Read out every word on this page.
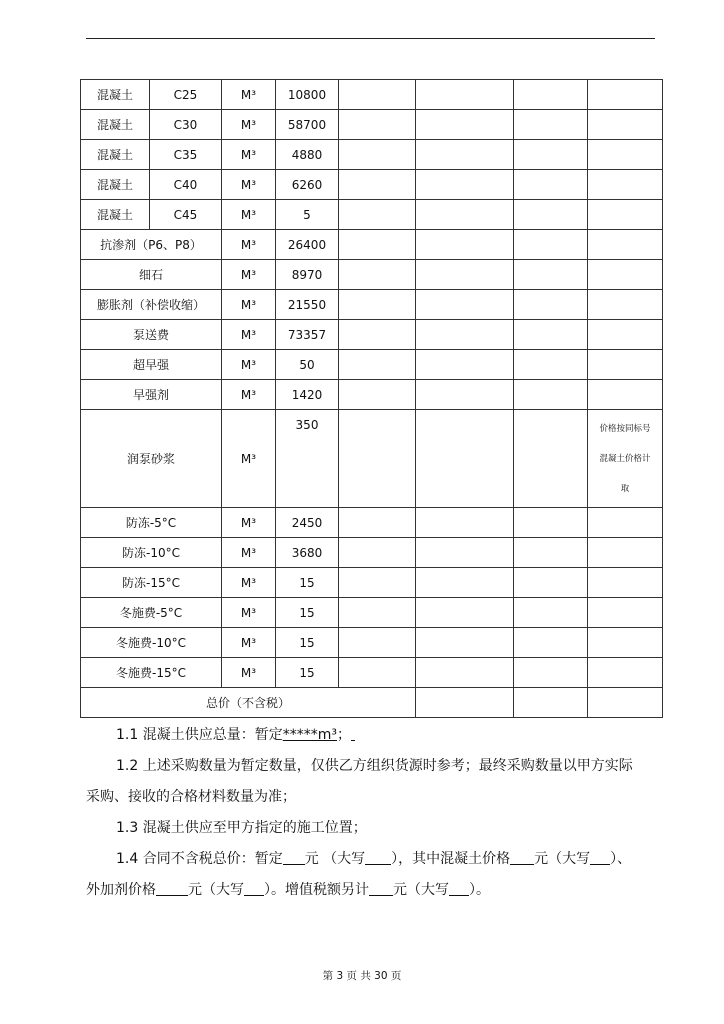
混凝土	C25	M³	10800				
混凝土	C30	M³	58700				
混凝土	C35	M³	4880				
混凝土	C40	M³	6260				
混凝土	C45	M³	5				
抗渗剂（P6、P8）		M³	26400				
细石		M³	8970				
膨胀剂（补偿收缩）		M³	21550				
泵送费		M³	73357				
超早强		M³	50				
早强剂		M³	1420				
润泵砂浆		M³	350				价格按同标号
混凝土价格计
取

防冻-5°C		M³	2450				
防冻-10°C		M³	3680				
防冻-15°C		M³	15				
冬施费-5°C		M³	15				
冬施费-10°C		M³	15				
冬施费-15°C		M³	15				
总价（不含税）							

1.1 混凝土供应总量：暂定*****m³；

1.2 上述采购数量为暂定数量，仅供乙方组织货源时参考；最终采购数量以甲方实际

采购、接收的合格材料数量为准；

1.3 混凝土供应至甲方指定的施工位置；

1.4 合同不含税总价：暂定 元 （大写 ），其中混凝土价格 元（大写 ）、

外加剂价格 元（大写 ）。增值税额另计 元（大写 ）。

第 3 页 共 30 页
